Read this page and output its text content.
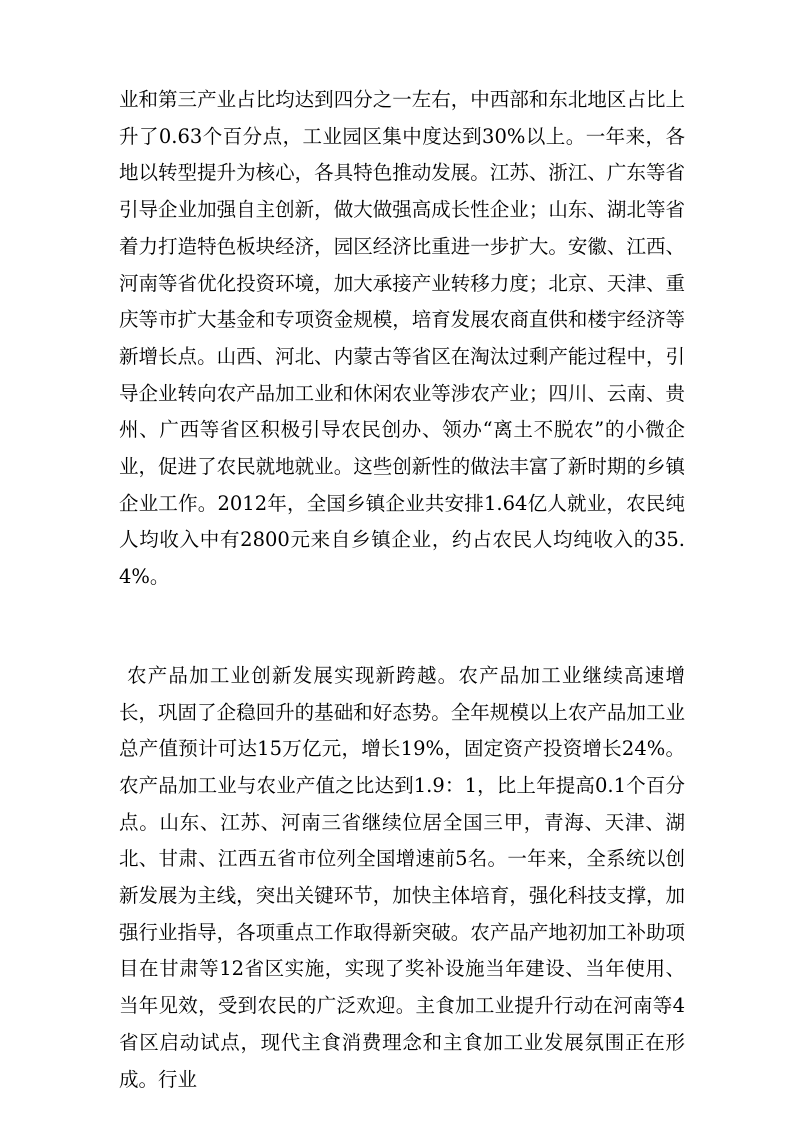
业和第三产业占比均达到四分之一左右，中西部和东北地区占比上升了0.63个百分点，工业园区集中度达到30%以上。一年来，各地以转型提升为核心，各具特色推动发展。江苏、浙江、广东等省引导企业加强自主创新，做大做强高成长性企业；山东、湖北等省着力打造特色板块经济，园区经济比重进一步扩大。安徽、江西、河南等省优化投资环境，加大承接产业转移力度；北京、天津、重庆等市扩大基金和专项资金规模，培育发展农商直供和楼宇经济等新增长点。山西、河北、内蒙古等省区在淘汰过剩产能过程中，引导企业转向农产品加工业和休闲农业等涉农产业；四川、云南、贵州、广西等省区积极引导农民创办、领办“离土不脱农”的小微企业，促进了农民就地就业。这些创新性的做法丰富了新时期的乡镇企业工作。2012年，全国乡镇企业共安排1.64亿人就业，农民纯人均收入中有2800元来自乡镇企业，约占农民人均纯收入的35.4%。

农产品加工业创新发展实现新跨越。农产品加工业继续高速增长，巩固了企稳回升的基础和好态势。全年规模以上农产品加工业总产值预计可达15万亿元，增长19%，固定资产投资增长24%。农产品加工业与农业产值之比达到1.9：1，比上年提高0.1个百分点。山东、江苏、河南三省继续位居全国三甲，青海、天津、湖北、甘肃、江西五省市位列全国增速前5名。一年来，全系统以创新发展为主线，突出关键环节，加快主体培育，强化科技支撑，加强行业指导，各项重点工作取得新突破。农产品产地初加工补助项目在甘肃等12省区实施，实现了奖补设施当年建设、当年使用、当年见效，受到农民的广泛欢迎。主食加工业提升行动在河南等4省区启动试点，现代主食消费理念和主食加工业发展氛围正在形成。行业
